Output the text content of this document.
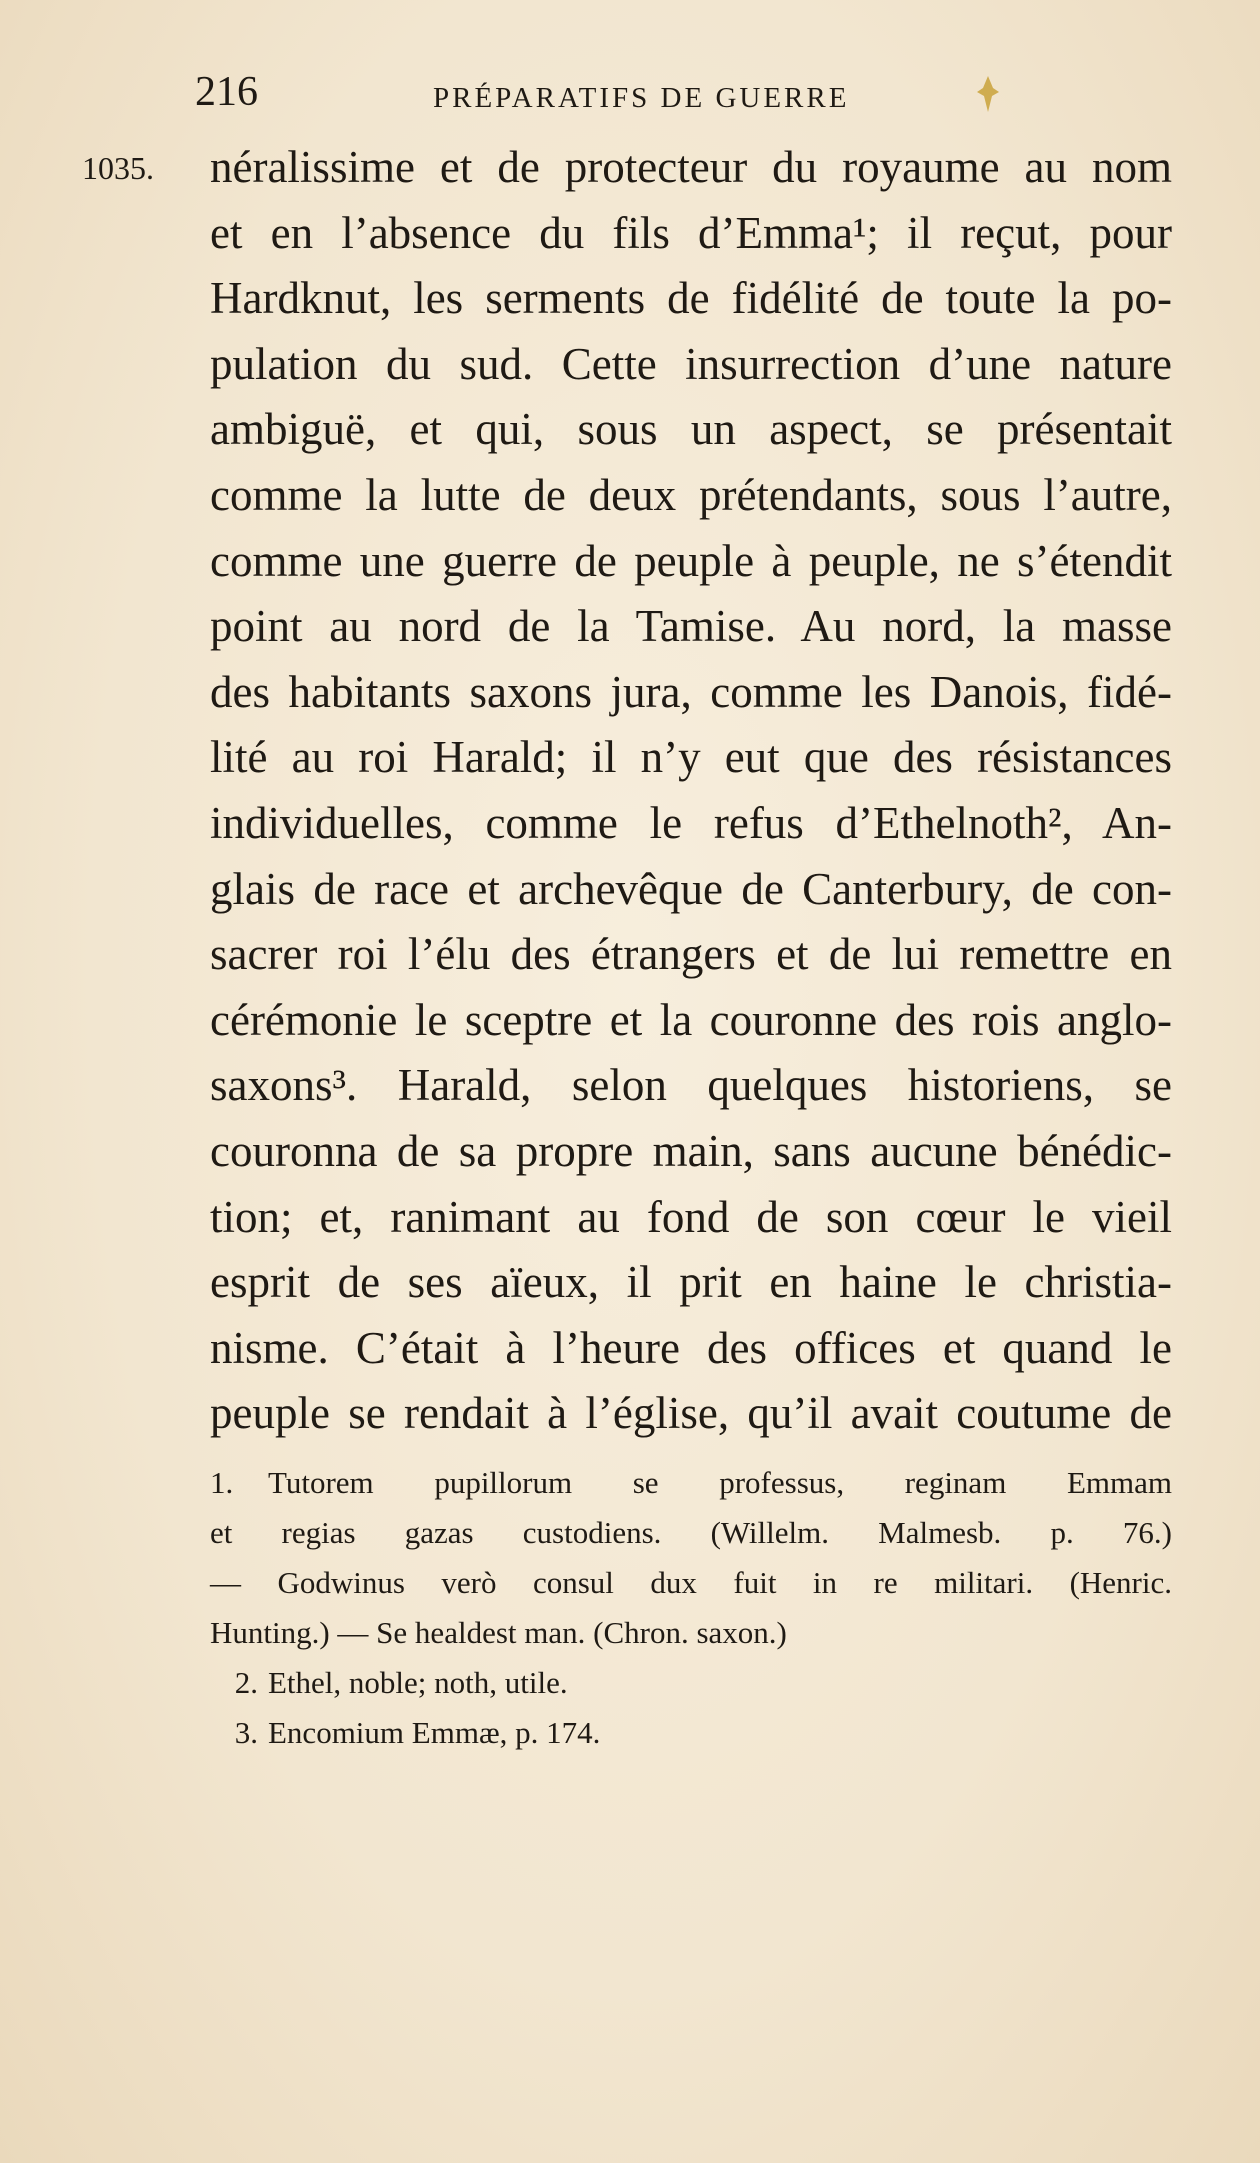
216	PRÉPARATIFS DE GUERRE
1035. néralissime et de protecteur du royaume au nom
et en l’absence du fils d’Emma¹; il reçut, pour
Hardknut, les serments de fidélité de toute la po-
pulation du sud. Cette insurrection d’une nature
ambiguë, et qui, sous un aspect, se présentait
comme la lutte de deux prétendants, sous l’autre,
comme une guerre de peuple à peuple, ne s’étendit
point au nord de la Tamise. Au nord, la masse
des habitants saxons jura, comme les Danois, fidé-
lité au roi Harald; il n’y eut que des résistances
individuelles, comme le refus d’Ethelnoth², An-
glais de race et archevêque de Canterbury, de con-
sacrer roi l’élu des étrangers et de lui remettre en
cérémonie le sceptre et la couronne des rois anglo-
saxons³. Harald, selon quelques historiens, se
couronna de sa propre main, sans aucune bénédic-
tion; et, ranimant au fond de son cœur le vieil
esprit de ses aïeux, il prit en haine le christia-
nisme. C’était à l’heure des offices et quand le
peuple se rendait à l’église, qu’il avait coutume de
1. Tutorem pupillorum se professus, reginam Emmam
et regias gazas custodiens. (Willelm. Malmesb. p. 76.)
— Godwinus verò consul dux fuit in re militari. (Henric.
Hunting.) — Se healdest man. (Chron. saxon.)
2. Ethel, noble; noth, utile.
3. Encomium Emmæ, p. 174.
